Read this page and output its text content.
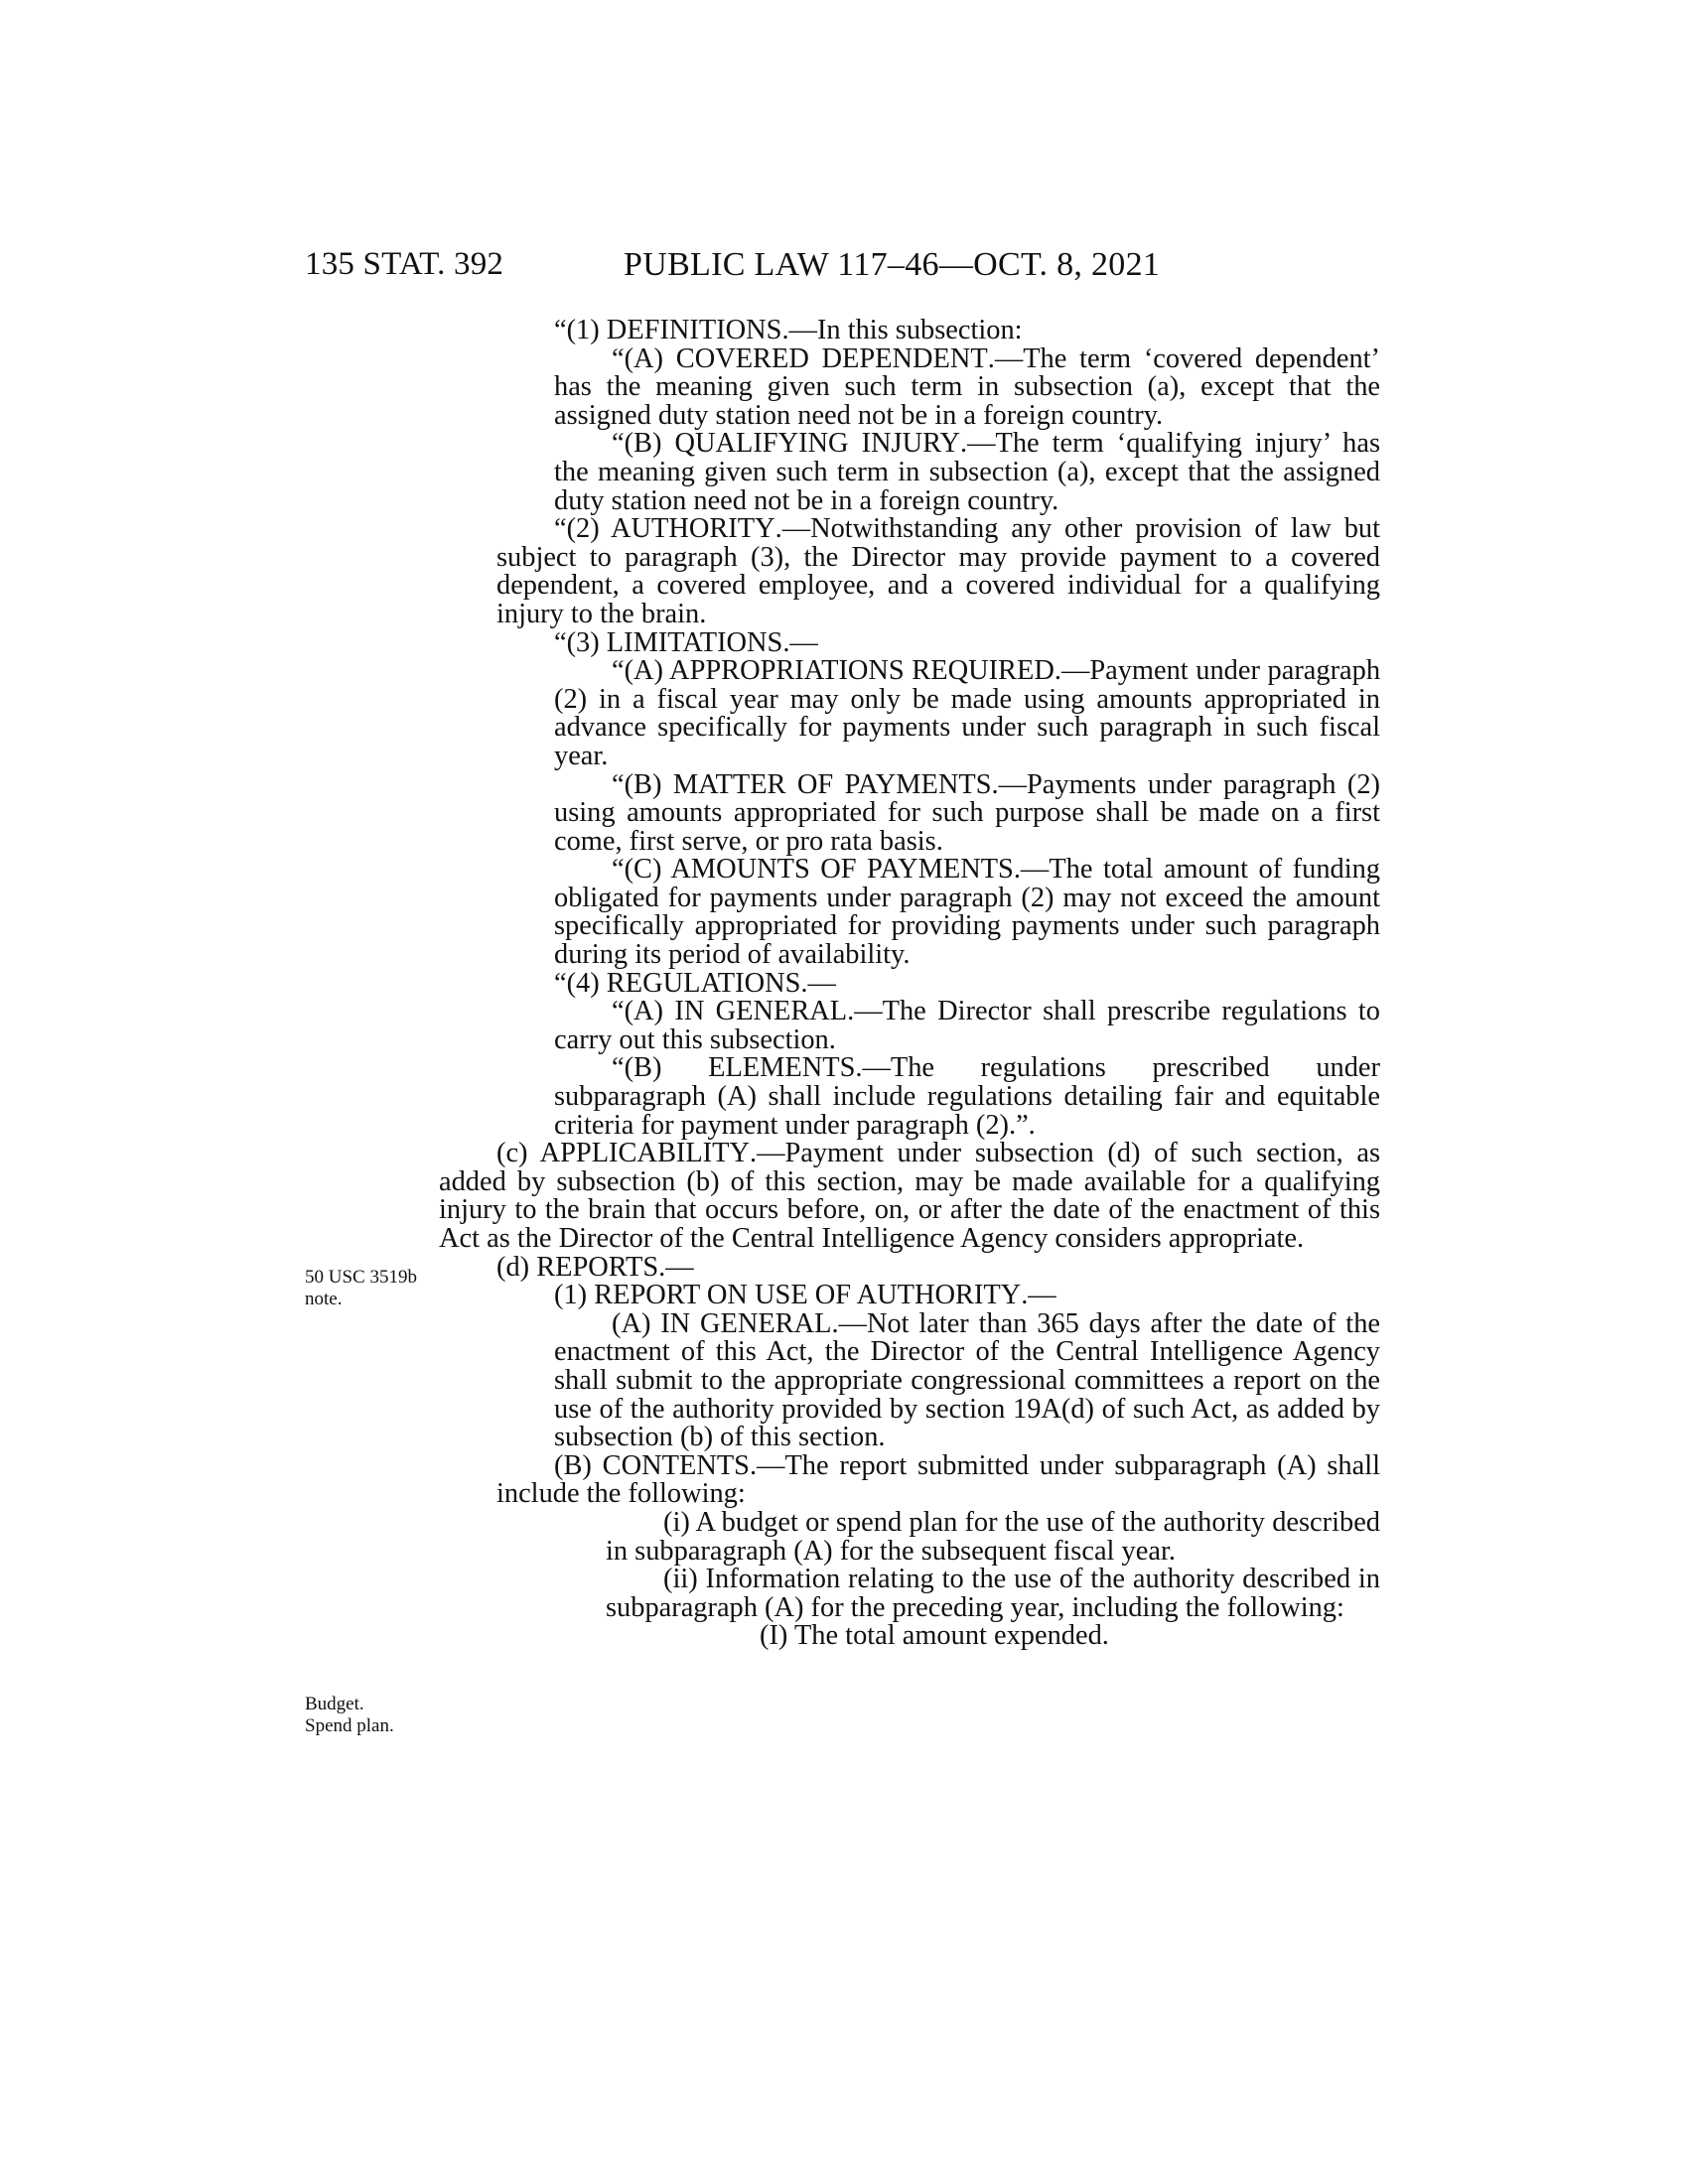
135 STAT. 392	PUBLIC LAW 117–46—OCT. 8, 2021
50 USC 3519b
note.
Budget.
Spend plan.

“(1) DEFINITIONS.—In this subsection:

“(A) COVERED DEPENDENT.—The term ‘covered dependent’ has the meaning given such term in subsection (a), except that the assigned duty station need not be in a foreign country.

“(B) QUALIFYING INJURY.—The term ‘qualifying injury’ has the meaning given such term in subsection (a), except that the assigned duty station need not be in a foreign country.

“(2) AUTHORITY.—Notwithstanding any other provision of law but subject to paragraph (3), the Director may provide payment to a covered dependent, a covered employee, and a covered individual for a qualifying injury to the brain.

“(3) LIMITATIONS.—

“(A) APPROPRIATIONS REQUIRED.—Payment under paragraph (2) in a fiscal year may only be made using amounts appropriated in advance specifically for payments under such paragraph in such fiscal year.

“(B) MATTER OF PAYMENTS.—Payments under paragraph (2) using amounts appropriated for such purpose shall be made on a first come, first serve, or pro rata basis.

“(C) AMOUNTS OF PAYMENTS.—The total amount of funding obligated for payments under paragraph (2) may not exceed the amount specifically appropriated for providing payments under such paragraph during its period of availability.

“(4) REGULATIONS.—

“(A) IN GENERAL.—The Director shall prescribe regulations to carry out this subsection.

“(B) ELEMENTS.—The regulations prescribed under subparagraph (A) shall include regulations detailing fair and equitable criteria for payment under paragraph (2).”.

(c) APPLICABILITY.—Payment under subsection (d) of such section, as added by subsection (b) of this section, may be made available for a qualifying injury to the brain that occurs before, on, or after the date of the enactment of this Act as the Director of the Central Intelligence Agency considers appropriate.

(d) REPORTS.—

(1) REPORT ON USE OF AUTHORITY.—

(A) IN GENERAL.—Not later than 365 days after the date of the enactment of this Act, the Director of the Central Intelligence Agency shall submit to the appropriate congressional committees a report on the use of the authority provided by section 19A(d) of such Act, as added by subsection (b) of this section.

(B) CONTENTS.—The report submitted under subparagraph (A) shall include the following:

(i) A budget or spend plan for the use of the authority described in subparagraph (A) for the subsequent fiscal year.

(ii) Information relating to the use of the authority described in subparagraph (A) for the preceding year, including the following:

(I) The total amount expended.
